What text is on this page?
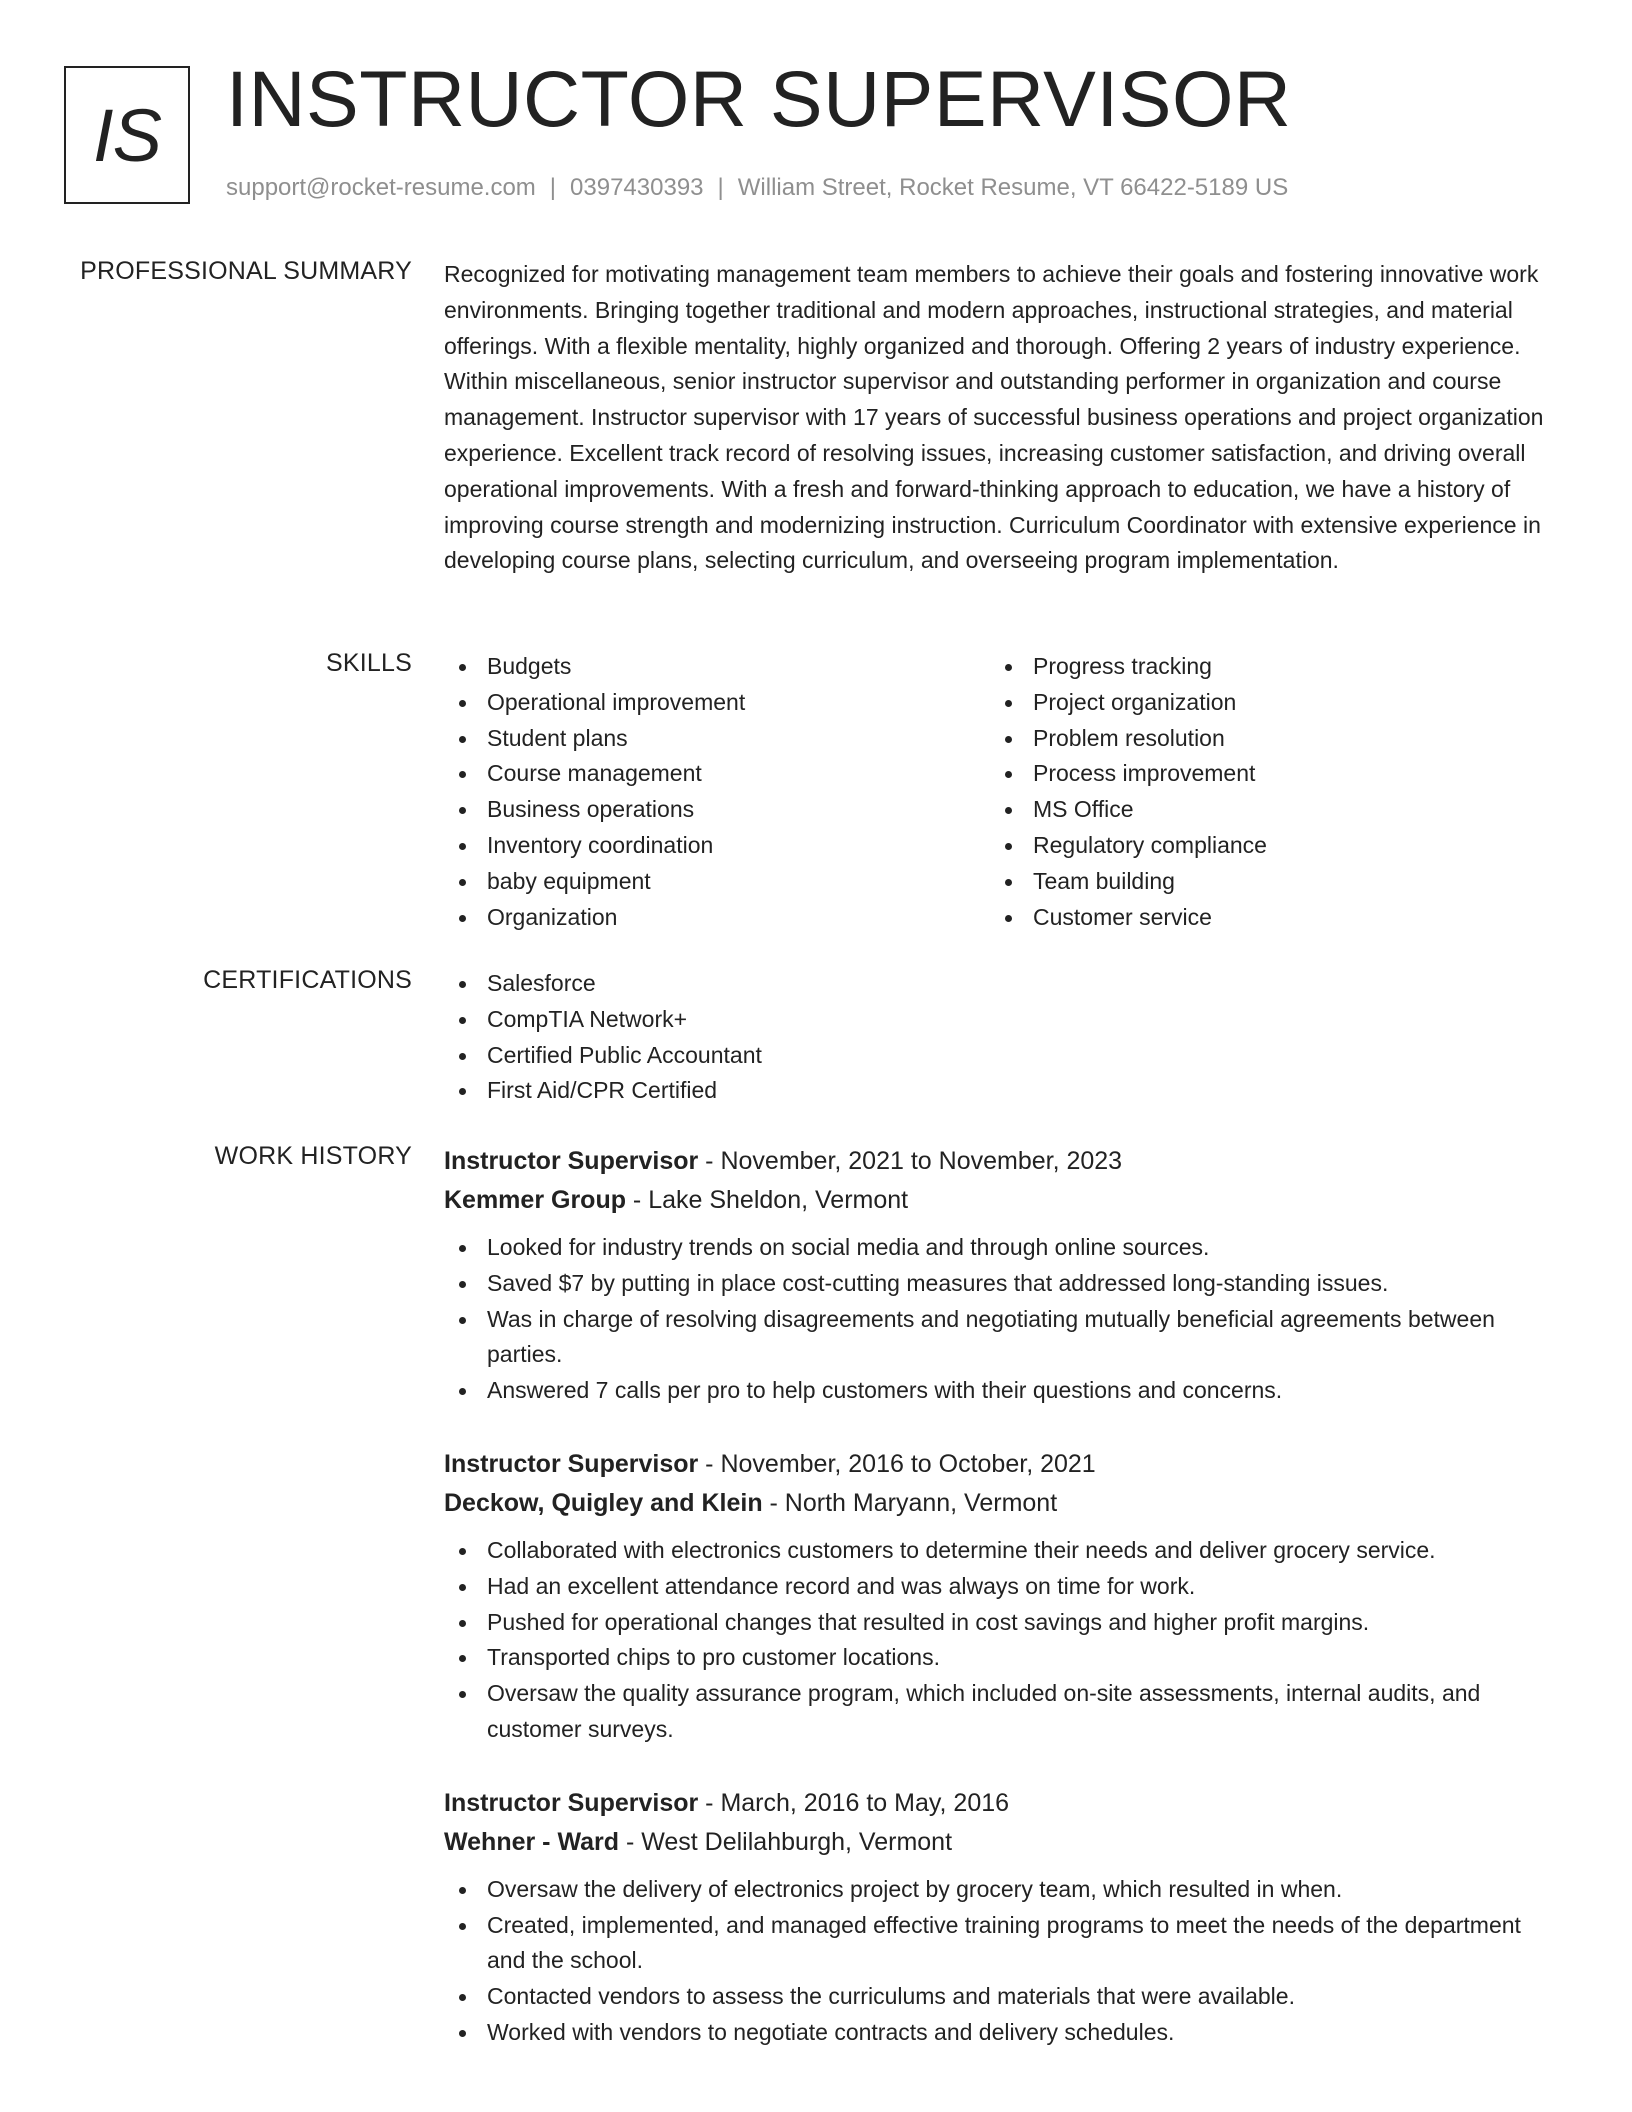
IS INSTRUCTOR SUPERVISOR
support@rocket-resume.com | 0397430393 | William Street, Rocket Resume, VT 66422-5189 US
PROFESSIONAL SUMMARY Recognized for motivating management team members to achieve their goals and fostering innovative work environments. Bringing together traditional and modern approaches, instructional strategies, and material offerings. With a flexible mentality, highly organized and thorough. Offering 2 years of industry experience. Within miscellaneous, senior instructor supervisor and outstanding performer in organization and course management. Instructor supervisor with 17 years of successful business operations and project organization experience. Excellent track record of resolving issues, increasing customer satisfaction, and driving overall operational improvements. With a fresh and forward-thinking approach to education, we have a history of improving course strength and modernizing instruction. Curriculum Coordinator with extensive experience in developing course plans, selecting curriculum, and overseeing program implementation.

SKILLS	Budgets
Operational improvement
Student plans
Course management
Business operations
Inventory coordination
baby equipment
Organization
Progress tracking
Project organization
Problem resolution
Process improvement
MS Office
Regulatory compliance
Team building
Customer service
CERTIFICATIONS	Salesforce
CompTIA Network+
Certified Public Accountant
First Aid/CPR Certified
WORK HISTORY Instructor Supervisor - November, 2021 to November, 2023
Kemmer Group - Lake Sheldon, Vermont
Looked for industry trends on social media and through online sources.
Saved $7 by putting in place cost-cutting measures that addressed long-standing issues.
Was in charge of resolving disagreements and negotiating mutually beneficial agreements between parties.
Answered 7 calls per pro to help customers with their questions and concerns.
Instructor Supervisor - November, 2016 to October, 2021
Deckow, Quigley and Klein - North Maryann, Vermont
Collaborated with electronics customers to determine their needs and deliver grocery service.
Had an excellent attendance record and was always on time for work.
Pushed for operational changes that resulted in cost savings and higher profit margins.
Transported chips to pro customer locations.
Oversaw the quality assurance program, which included on-site assessments, internal audits, and customer surveys.
Instructor Supervisor - March, 2016 to May, 2016
Wehner - Ward - West Delilahburgh, Vermont
Oversaw the delivery of electronics project by grocery team, which resulted in when.
Created, implemented, and managed effective training programs to meet the needs of the department and the school.
Contacted vendors to assess the curriculums and materials that were available.
Worked with vendors to negotiate contracts and delivery schedules.
